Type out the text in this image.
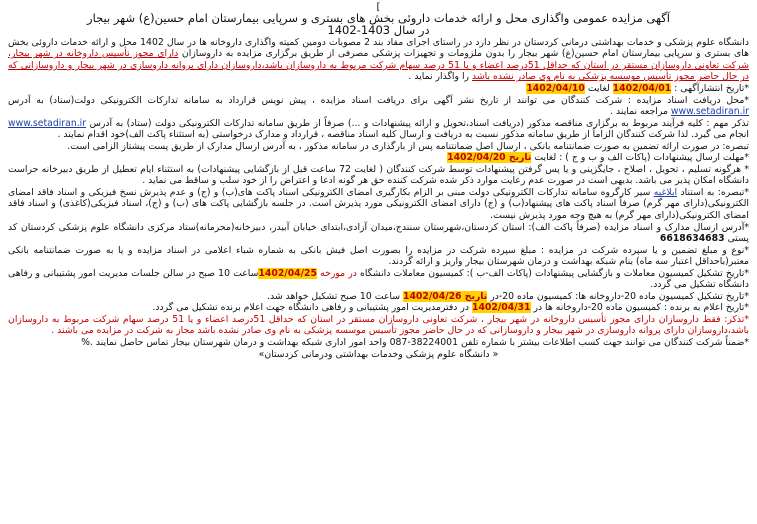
]
آگهی مزایده عمومی واگذاری محل و ارائه خدمات داروئی بخش های بستری و سرپایی بیمارستان امام حسین(ع) شهر بیجار
در سال 1403-1402

دانشگاه علوم پزشکی و خدمات بهداشتی درمانی کردستان در نظر دارد در راستای اجرای مفاد بند 2 مصوبات دومین کمیته واگذاری داروخانه ها در سال 1402 محل و ارائه خدمات داروئی بخش های بستری و سرپایی بیمارستان امام حسین(ع) شهر بیجار را بدون ملزومات و تجهیزات پزشکی مصرفی از طریق برگزاری مزایده به داروسازان دارای مجوز تأسیس داروخانه در شهر بیجار، شرکت تعاونی داروسازان مستقر در استان که حداقل 51درصد اعضاء و یا 51 درصد سهام شرکت مربوط به داروسازان باشد،داروسازان دارای پروانه داروسازی در شهر بیجار و داروسازانی که در حال حاضر مجوز تأسیس موسسه پزشکی به نام وی صادر نشده باشد را واگذار نماید .

*تاریخ انتشارآگهی : 1402/04/01 لغایت 1402/04/10

*محل دریافت اسناد مزایده : شرکت کنندگان می توانند از تاریخ نشر آگهی برای دریافت اسناد مزایده ، پیش نویس قرارداد به سامانه تدارکات الکترونیکی دولت(ستاد) به آدرس www.setadiran.ir مراجعه نمایند .

تذکر مهم : کلیه فرآیند مربوط به برگزاری مناقصه مذکور (دریافت اسناد،تحویل و ارائه پیشنهادات و ...) صرفاً از طریق سامانه تدارکات الکترونیکی دولت (ستاد) به آدرس www.setadiran.ir انجام می گیرد. لذا شرکت کنندگان الزاماً از طریق سامانه مذکور نسبت به دریافت و ارسال کلیه اسناد مناقصه ، قرارداد و مدارک درخواستی (به استثناء پاکت الف)خود اقدام نمایند .

تبصره: در صورت ارائه تضمین به صورت ضمانتنامه بانکی ، ارسال اصل ضمانتنامه پس از بارگذاری در سامانه مذکور ، به آدرس ارسال مدارک از طریق پست پیشتاز الزامی است.

*مهلت ارسال پیشنهادات (پاکات الف و ب و ج ) : لغایت تاریخ 1402/04/20

* هرگونه تسلیم ، تحویل ، اصلاح ، جایگزینی و یا پس گرفتن پیشنهادات توسط شرکت کنندگان ( لغایت 72 ساعت قبل از بازگشایی پیشنهادات) به استثناء ایام تعطیل از طریق دبیرخانه حراست دانشگاه امکان پذیر می باشد. بدیهی است در صورت عدم رعایت موارد ذکر شده شرکت کننده حق هر گونه ادعا و اعتراض را از خود سلب و ساقط می نماید .

*تبصره: به استناد ابلاغیه سیر کارگروه سامانه تدارکات الکترونیکی دولت مبنی بر الزام بکارگیری امضای الکترونیکی اسناد پاکت های(ب) و (ج) و عدم پذیرش نسخ فیزیکی و اسناد فاقد امضای الکترونیکی(دارای مهر گرم) صرفاً اسناد پاکت های پیشنهاد(ب) و (ج) دارای امضای الکترونیکی مورد پذیرش است. در جلسه بازگشایی پاکت های (ب) و (ج)، اسناد فیزیکی(کاغذی) و اسناد فاقد امضای الکترونیکی(دارای مهر گرم) به هیچ وجه مورد پذیرش نیست.

*آدرس ارسال مدارک و اسناد مزایده (صرفاً پاکت الف): استان کردستان،شهرستان سنندج،میدان آزادی،ابتدای خیابان آبیدر، دبیرخانه(محرمانه)ستاد مرکزی دانشگاه علوم پزشکی کردستان کد پستی 6618634683

*نوع و مبلغ تضمین و یا سپرده شرکت در مزایده : مبلغ سپرده شرکت در مزایده را بصورت اصل فیش بانکی به شماره شباء اعلامی در اسناد مزایده و یا به صورت ضمانتنامه بانکی معتبر(باحداقل اعتبار سه ماه) بنام شبکه بهداشت و درمان شهرستان بیجار واریز و ارائه گردند.

*تاریخ تشکیل کمیسیون معاملات و بازگشایی پیشنهادات (پاکات الف-ب ): کمیسیون معاملات دانشگاه در مورخه 1402/04/25ساعت 10 صبح در سالن جلسات مدیریت امور پشتیبانی و رفاهی دانشگاه تشکیل می گردد.

*تاریخ تشکیل کمیسیون ماده 20-داروخانه ها: کمیسیون ماده 20-در تاریخ 1402/04/26 ساعت 10 صبح تشکیل خواهد شد.

*تاریخ اعلام به برنده : کمیسیون ماده 20-داروخانه ها در 1402/04/31 در دفترمدیریت امور پشتیبانی و رفاهی دانشگاه جهت اعلام برنده تشکیل می گردد.

*تذکر: فقط داروسازان دارای مجوز تأسیس داروخانه در شهر بیجار ، شرکت تعاونی داروسازان مستقر در استان که حداقل 51درصد اعضاء و یا 51 درصد سهام شرکت مربوط به داروسازان باشد،داروسازان دارای پروانه داروسازی در شهر بیجار و داروسازانی که در حال حاضر مجوز تأسیس موسسه پزشکی به نام وی صادر نشده باشد مجاز به شرکت در مزایده می باشند .

*ضمناً شرکت کنندگان می توانند جهت کسب اطلاعات بیشتر با شماره تلفن 38224001-087 واحد امور اداری شبکه بهداشت و درمان شهرستان بیجار تماس حاصل نمایند .%

« دانشگاه علوم پزشکی وخدمات بهداشتی ودرمانی کردستان»
